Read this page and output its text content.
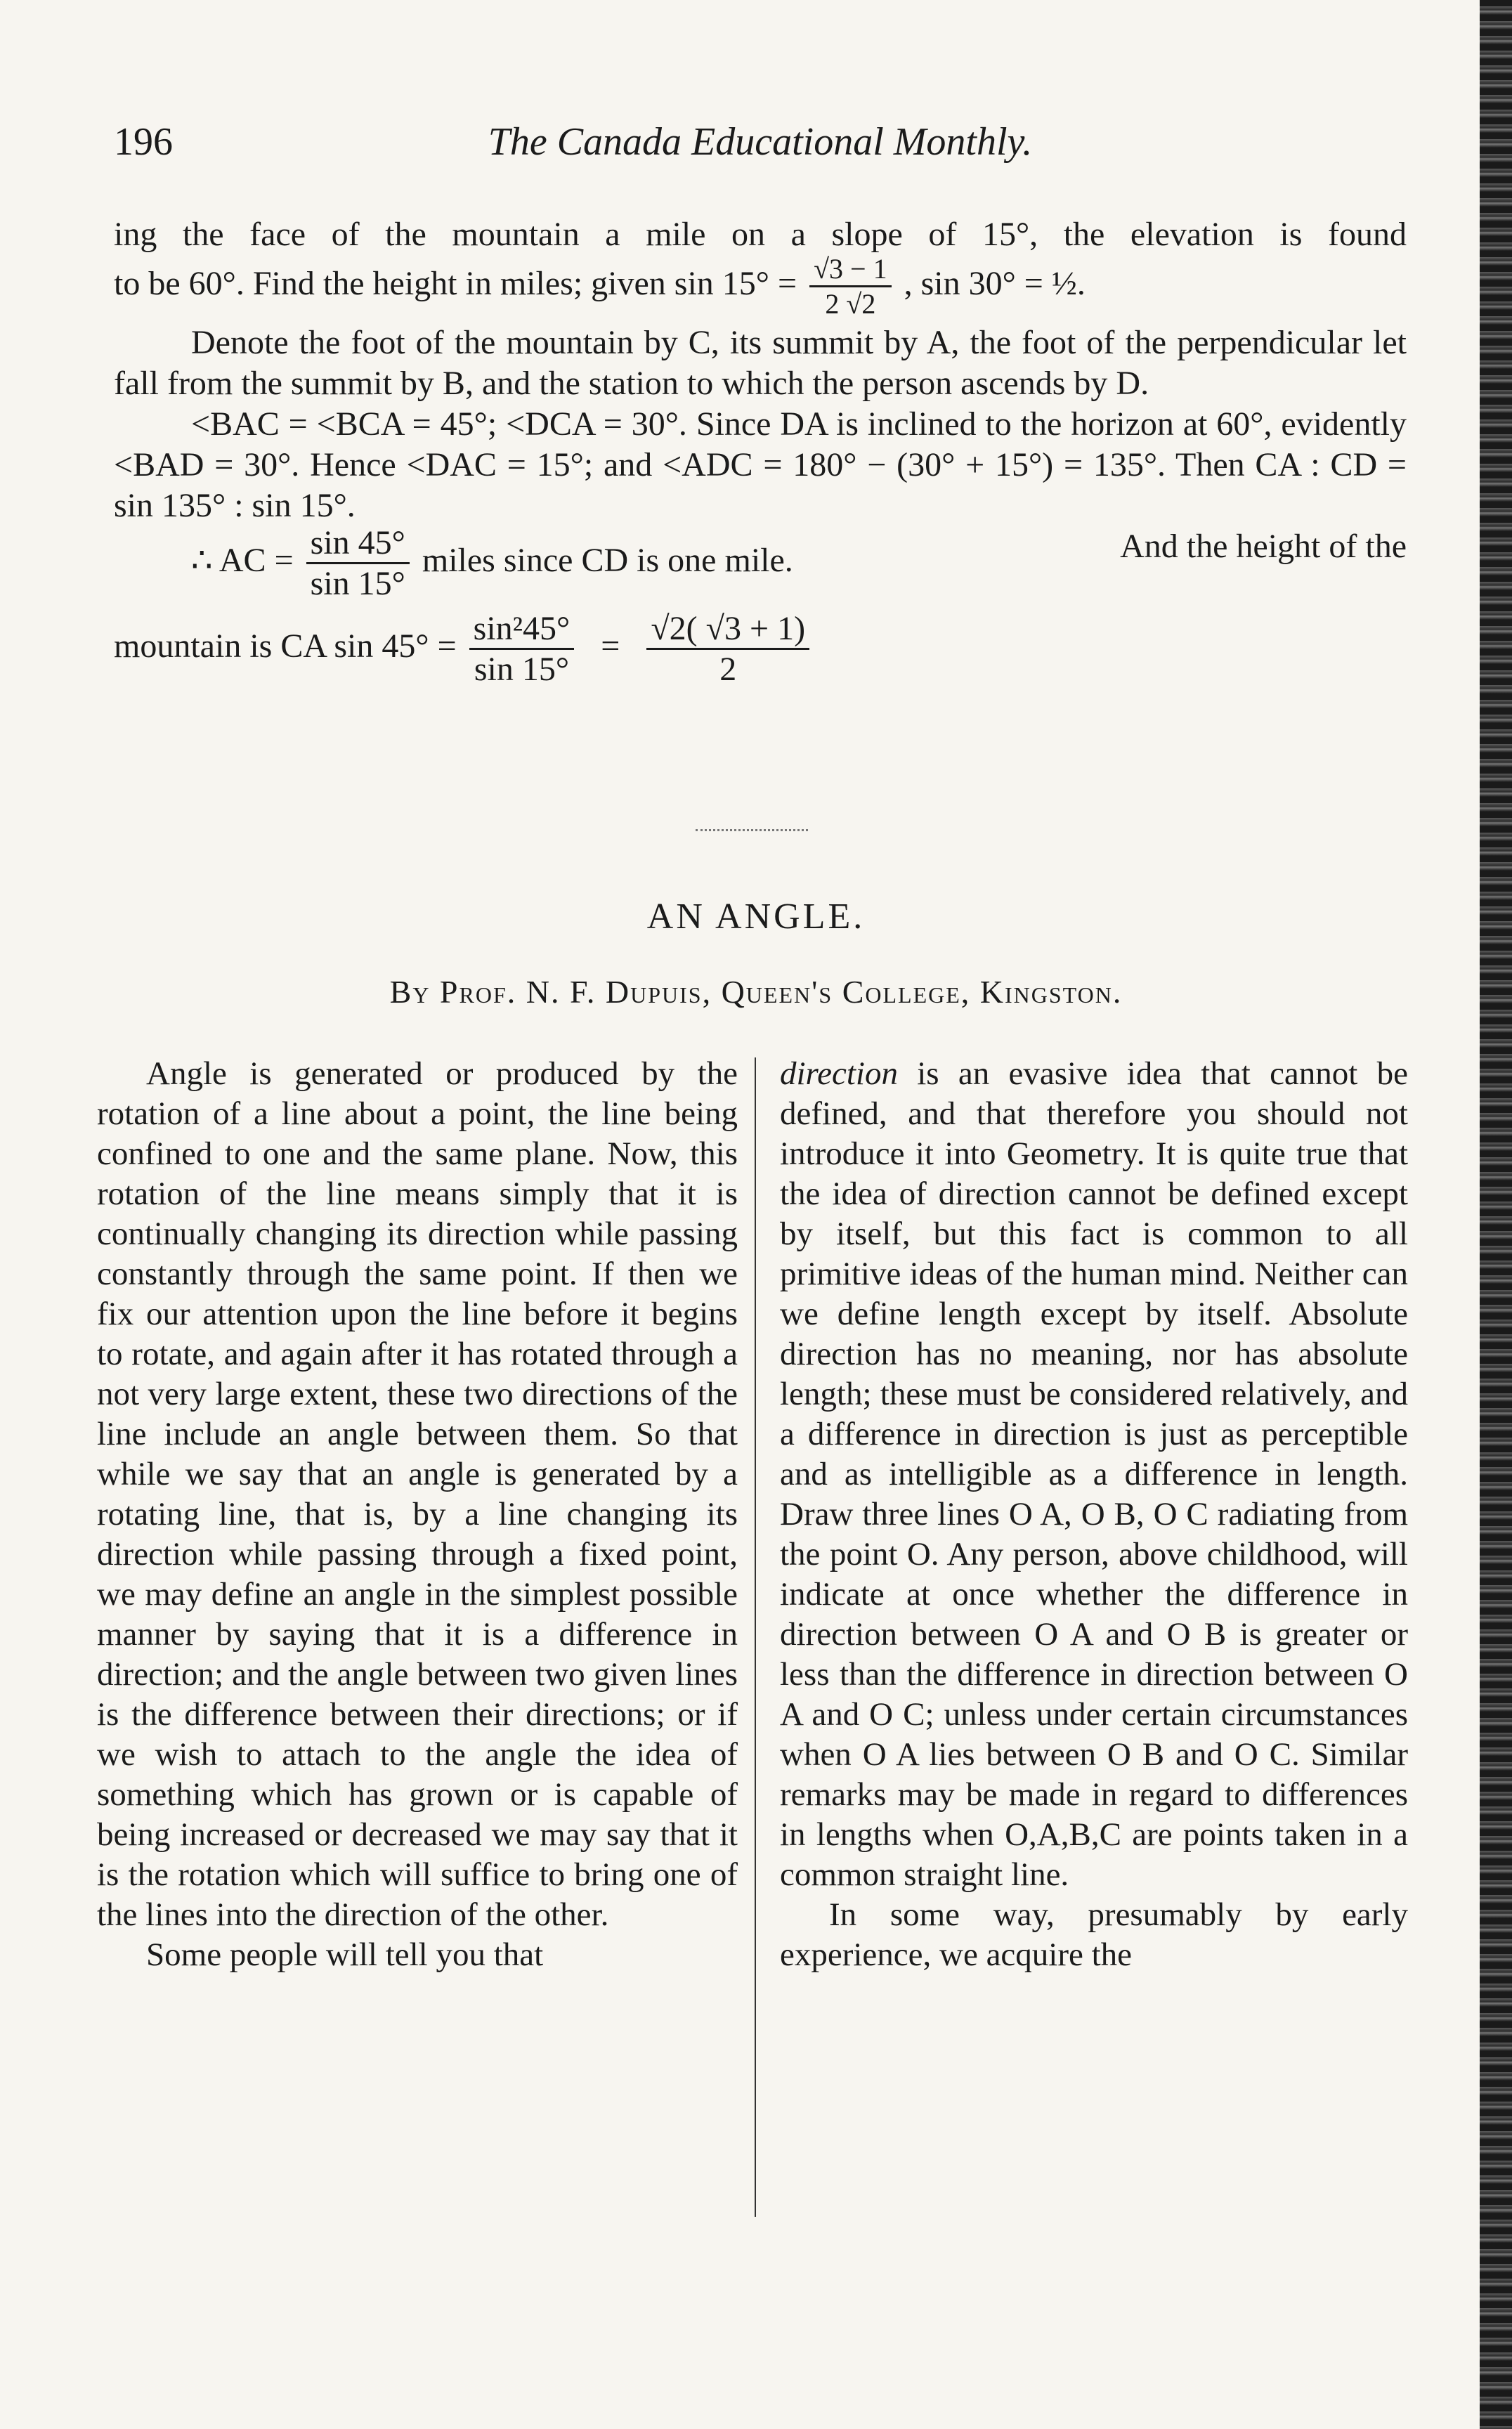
196	The Canada Educational Monthly.

ing the face of the mountain a mile on a slope of 15°, the elevation is found

to be 60°. Find the height in miles; given $\sin 15^\circ = \frac{√3 - 1}{2 √2}$ , sin 30° = ½.

Denote the foot of the mountain by C, its summit by A, the foot of the perpendicular let fall from the summit by B, and the station to which the person ascends by D.

<BAC = <BCA = 45°; <DCA = 30°. Since DA is inclined to the horizon at 60°, evidently <BAD = 30°. Hence <DAC = 15°; and <ADC = 180° − (30° + 15°) = 135°. Then CA : CD = sin 135° : sin 15°.

∴ AC = $\frac{\sin 45^\circ}{\sin 15^\circ}$ miles since CD is one mile.	And the height of the
mountain is CA $\sin 45^\circ = \frac{\text{sin²45°}}{\sin 15^\circ} = \frac{√2( √3 + 1)}{2}$
AN ANGLE.
By Prof. N. F. Dupuis, Queen's College, Kingston.

Angle is generated or produced by the rotation of a line about a point, the line being confined to one and the same plane. Now, this rotation of the line means simply that it is continually changing its direction while passing constantly through the same point. If then we fix our attention upon the line before it begins to rotate, and again after it has rotated through a not very large extent, these two directions of the line include an angle between them. So that while we say that an angle is generated by a rotating line, that is, by a line changing its direction while passing through a fixed point, we may define an angle in the simplest possible manner by saying that it is a difference in direction; and the angle between two given lines is the difference between their directions; or if we wish to attach to the angle the idea of something which has grown or is capable of being increased or decreased we may say that it is the rotation which will suffice to bring one of the lines into the direction of the other.

Some people will tell you that

direction is an evasive idea that cannot be defined, and that therefore you should not introduce it into Geometry. It is quite true that the idea of direction cannot be defined except by itself, but this fact is common to all primitive ideas of the human mind. Neither can we define length except by itself. Absolute direction has no meaning, nor has absolute length; these must be considered relatively, and a difference in direction is just as perceptible and as intelligible as a difference in length. Draw three lines O A, O B, O C radiating from the point O. Any person, above childhood, will indicate at once whether the difference in direction between O A and O B is greater or less than the difference in direction between O A and O C; unless under certain circumstances when O A lies between O B and O C. Similar remarks may be made in regard to differences in lengths when O,A,B,C are points taken in a common straight line.

In some way, presumably by early experience, we acquire the
